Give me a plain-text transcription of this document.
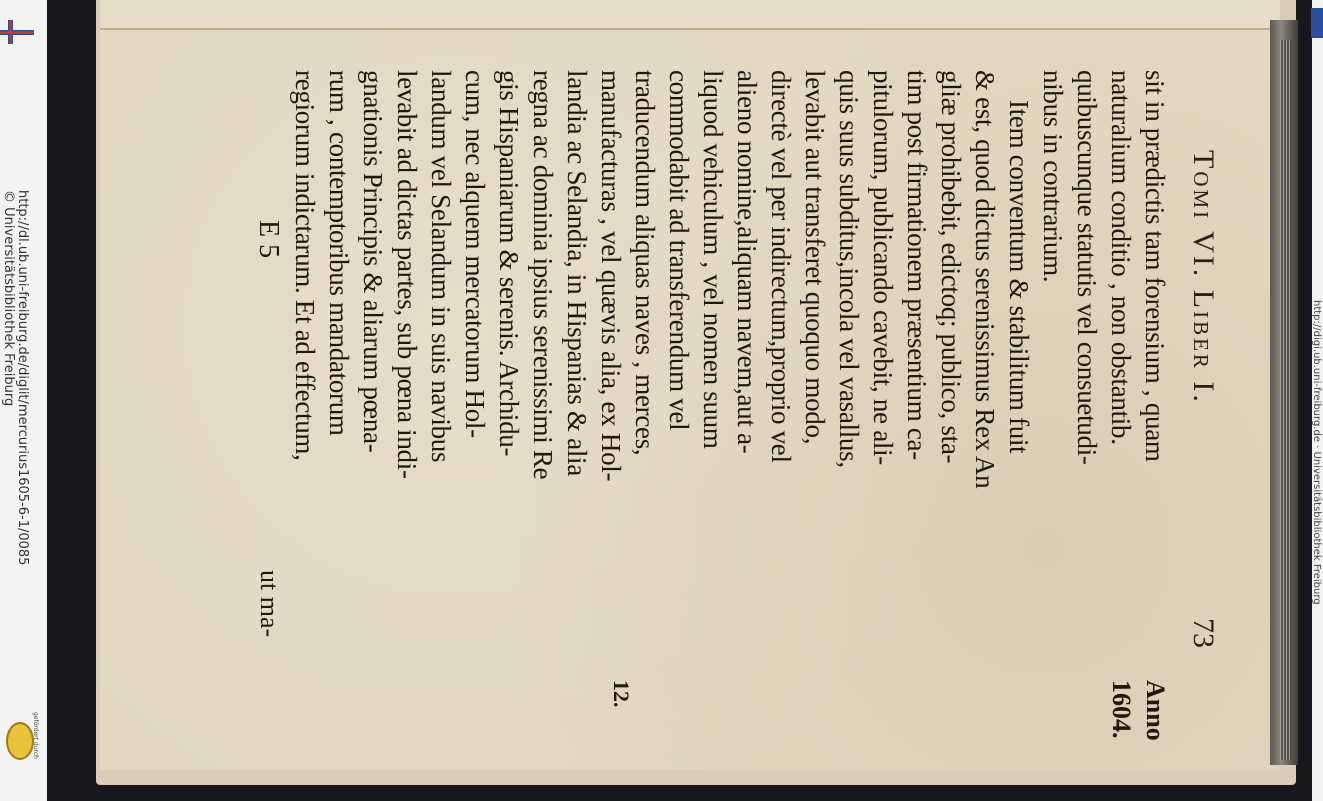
http://dl.ub.uni-freiburg.de/diglit/mercurius1605-6-1/0085
© Universitätsbibliothek Freiburg
gefördert durch
Tomi VI. Liber I.
73
sit in prædictis tam forensium , quam
naturalium conditio , non obstantib.
quibuscunque statutis vel consuetudi-
nibus in contrarium.
Item conventum & stabilitum fuit
& est, quod dictus serenissimus Rex An
gliæ prohibebit, edictoq; publico, sta-
tim post firmationem præsentium ca-
pitulorum, publicando cavebit, ne ali-
quis suus subditus,incola vel vasallus,
levabit aut transferet quoquo modo,
directè vel per indirectum,proprio vel
alieno nomine,aliquam navem,aut a-
liquod vehiculum , vel nomen suum
commodabit ad transferendum vel
traducendum aliquas naves , merces,
manufacturas , vel quævis alia, ex Hol-
landia ac Selandia, in Hispanias & alia
regna ac dominia ipsius serenissimi Re
gis Hispaniarum & serenis. Archidu-
cum, nec alquem mercatorum Hol-
landum vel Selandum in suis navibus
levabit ad dictas partes, sub pœna indi-
gnationis Principis & aliarum pœna-
rum , contemptoribus mandatorum
regiorum indictarum. Et ad effectum,
Anno
1604.
12.
E 5
ut ma-	http://digi.ub.uni-freiburg.de · Universitätsbibliothek Freiburg
